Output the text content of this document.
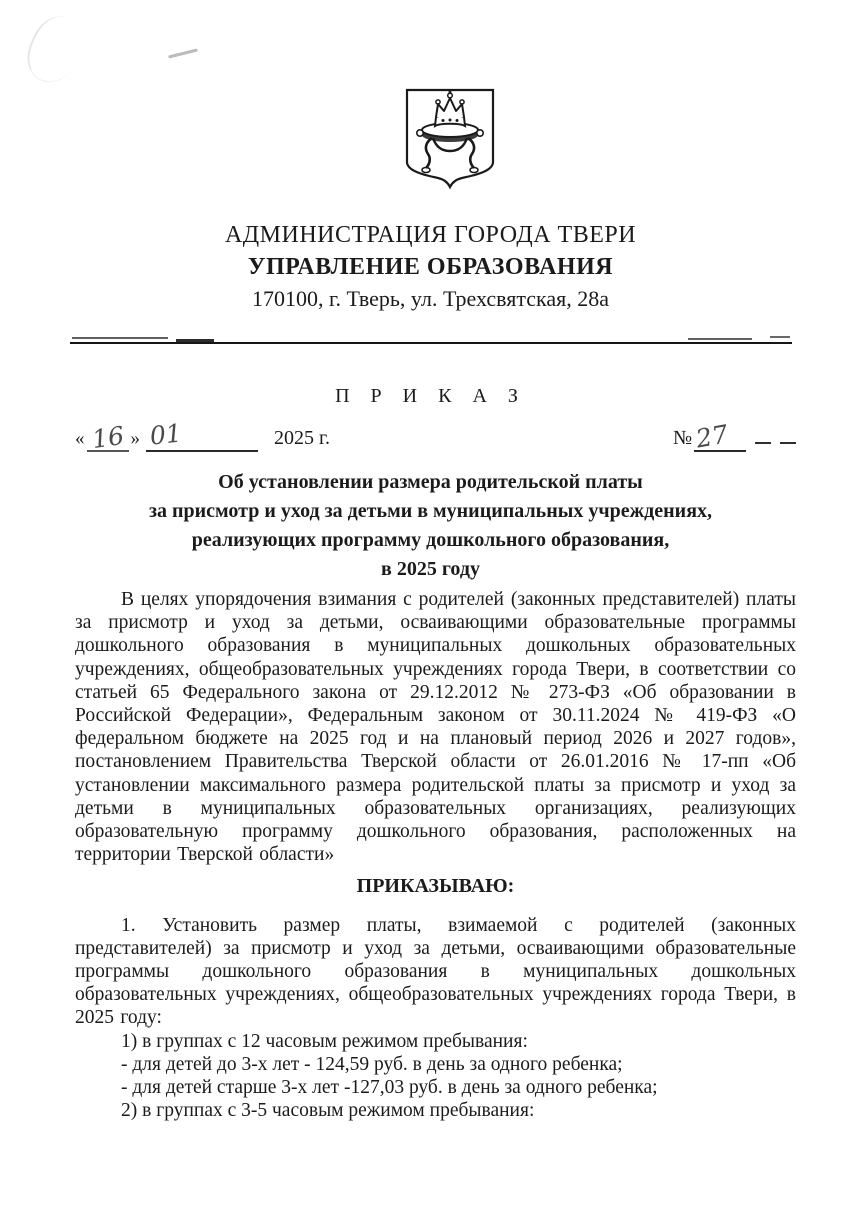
АДМИНИСТРАЦИЯ ГОРОДА ТВЕРИ
УПРАВЛЕНИЕ ОБРАЗОВАНИЯ
170100, г. Тверь, ул. Трехсвятская, 28а
П Р И К А З
« 16 » 01	2025 г.	№27
Об установлении размера родительской платы
за присмотр и уход за детьми в муниципальных учреждениях,
реализующих программу дошкольного образования,
в 2025 году

В целях упорядочения взимания с родителей (законных представителей) платы за присмотр и уход за детьми, осваивающими образовательные программы дошкольного образования в муниципальных дошкольных образовательных учреждениях, общеобразовательных учреждениях города Твери, в соответствии со статьей 65 Федерального закона от 29.12.2012 № 273-ФЗ «Об образовании в Российской Федерации», Федеральным законом от 30.11.2024 № 419-ФЗ «О федеральном бюджете на 2025 год и на плановый период 2026 и 2027 годов», постановлением Правительства Тверской области от 26.01.2016 № 17-пп «Об установлении максимального размера родительской платы за присмотр и уход за детьми в муниципальных образовательных организациях, реализующих образовательную программу дошкольного образования, расположенных на территории Тверской области»

ПРИКАЗЫВАЮ:

1. Установить размер платы, взимаемой с родителей (законных представителей) за присмотр и уход за детьми, осваивающими образовательные программы дошкольного образования в муниципальных дошкольных образовательных учреждениях, общеобразовательных учреждениях города Твери, в 2025 году:

1) в группах с 12 часовым режимом пребывания:

- для детей до 3-х лет - 124,59 руб. в день за одного ребенка;

- для детей старше 3-х лет -127,03 руб. в день за одного ребенка;

2) в группах с 3-5 часовым режимом пребывания:
